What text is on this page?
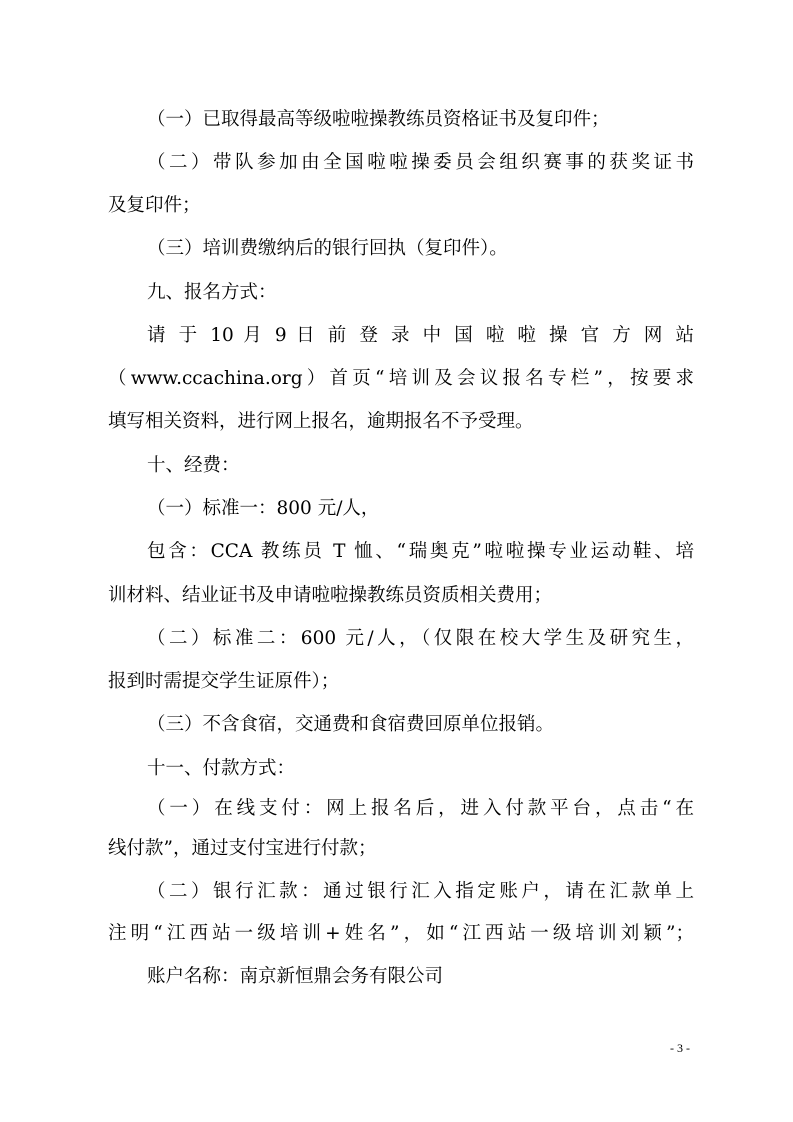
（一）已取得最高等级啦啦操教练员资格证书及复印件；
（二）带队参加由全国啦啦操委员会组织赛事的获奖证书
及复印件；
（三）培训费缴纳后的银行回执（复印件）。
九、报名方式：
请 于 10 月 9 日 前 登 录 中 国 啦 啦 操 官 方 网 站
（www.ccachina.org）首页“培训及会议报名专栏”，按要求
填写相关资料，进行网上报名，逾期报名不予受理。
十、经费：
（一）标准一：800 元/人，
包含：CCA 教练员 T 恤、“瑞奥克”啦啦操专业运动鞋、培
训材料、结业证书及申请啦啦操教练员资质相关费用；
（二）标准二：600 元/人，（仅限在校大学生及研究生，
报到时需提交学生证原件）；
（三）不含食宿，交通费和食宿费回原单位报销。
十一、付款方式：
（一）在线支付：网上报名后，进入付款平台，点击“在
线付款”，通过支付宝进行付款；
（二）银行汇款：通过银行汇入指定账户，请在汇款单上
注明“江西站一级培训+姓名”，如“江西站一级培训刘颖”；
账户名称：南京新恒鼎会务有限公司
- 3 -
